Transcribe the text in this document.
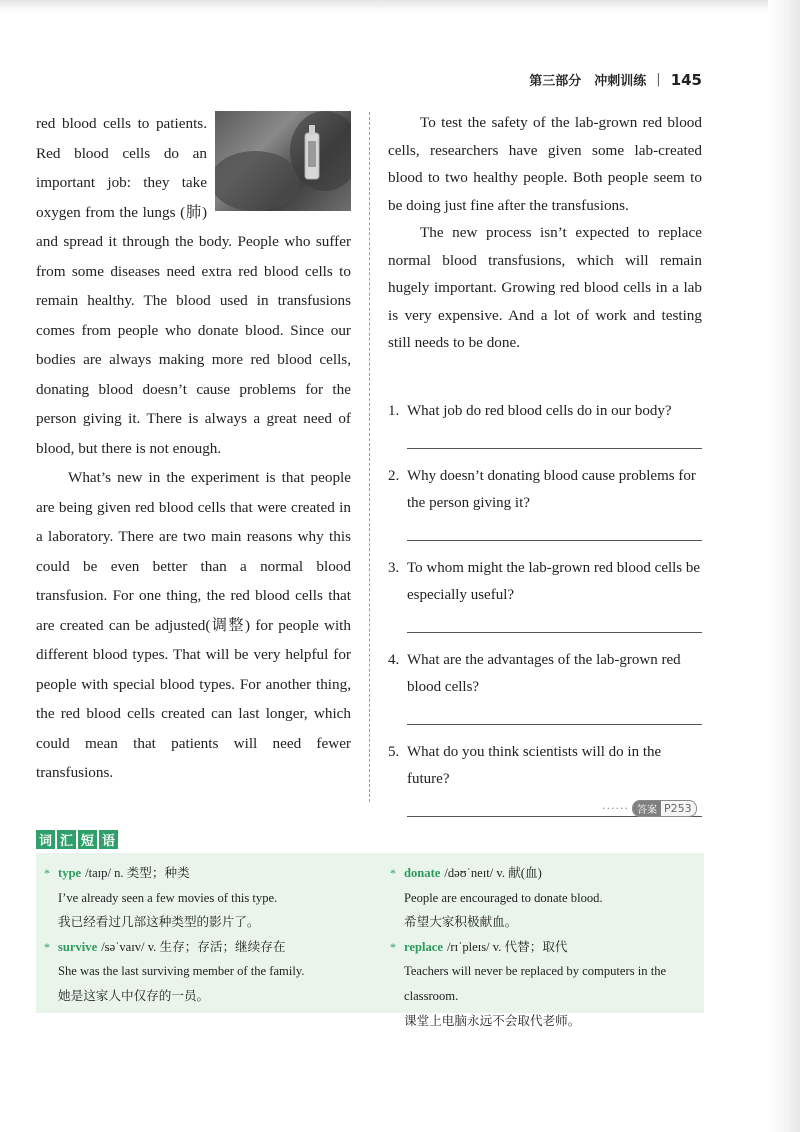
第三部分　冲刺训练 | 145

red blood cells to patients. Red blood cells do an important job: they take oxygen from the lungs (肺) and spread it through the body. People who suffer from some diseases need extra red blood cells to remain healthy. The blood used in transfusions comes from people who donate blood. Since our bodies are always making more red blood cells, donating blood doesn’t cause problems for the person giving it. There is always a great need of blood, but there is not enough.

What’s new in the experiment is that people are being given red blood cells that were created in a laboratory. There are two main reasons why this could be even better than a normal blood transfusion. For one thing, the red blood cells that are created can be adjusted(调整) for people with different blood types. That will be very helpful for people with special blood types. For another thing, the red blood cells created can last longer, which could mean that patients will need fewer transfusions.

To test the safety of the lab-grown red blood cells, researchers have given some lab-created blood to two healthy people. Both people seem to be doing just fine after the transfusions.

The new process isn’t expected to replace normal blood transfusions, which will remain hugely important. Growing red blood cells in a lab is very expensive. And a lot of work and testing still needs to be done.

1. What job do red blood cells do in our body?
2. Why doesn’t donating blood cause problems for the person giving it?
3. To whom might the lab-grown red blood cells be especially useful?
4. What are the advantages of the lab-grown red blood cells?
5. What do you think scientists will do in the future?
······ 答案 P253
词 汇 短 语
* type /taɪp/ n. 类型；种类
I’ve already seen a few movies of this type.
我已经看过几部这种类型的影片了。
* survive /səˈvaɪv/ v. 生存；存活；继续存在
She was the last surviving member of the family.
她是这家人中仅存的一员。
* donate /dəʊˈneɪt/ v. 献(血)
People are encouraged to donate blood.
希望大家积极献血。
* replace /rɪˈpleɪs/ v. 代替；取代
Teachers will never be replaced by computers in the classroom.
课堂上电脑永远不会取代老师。
